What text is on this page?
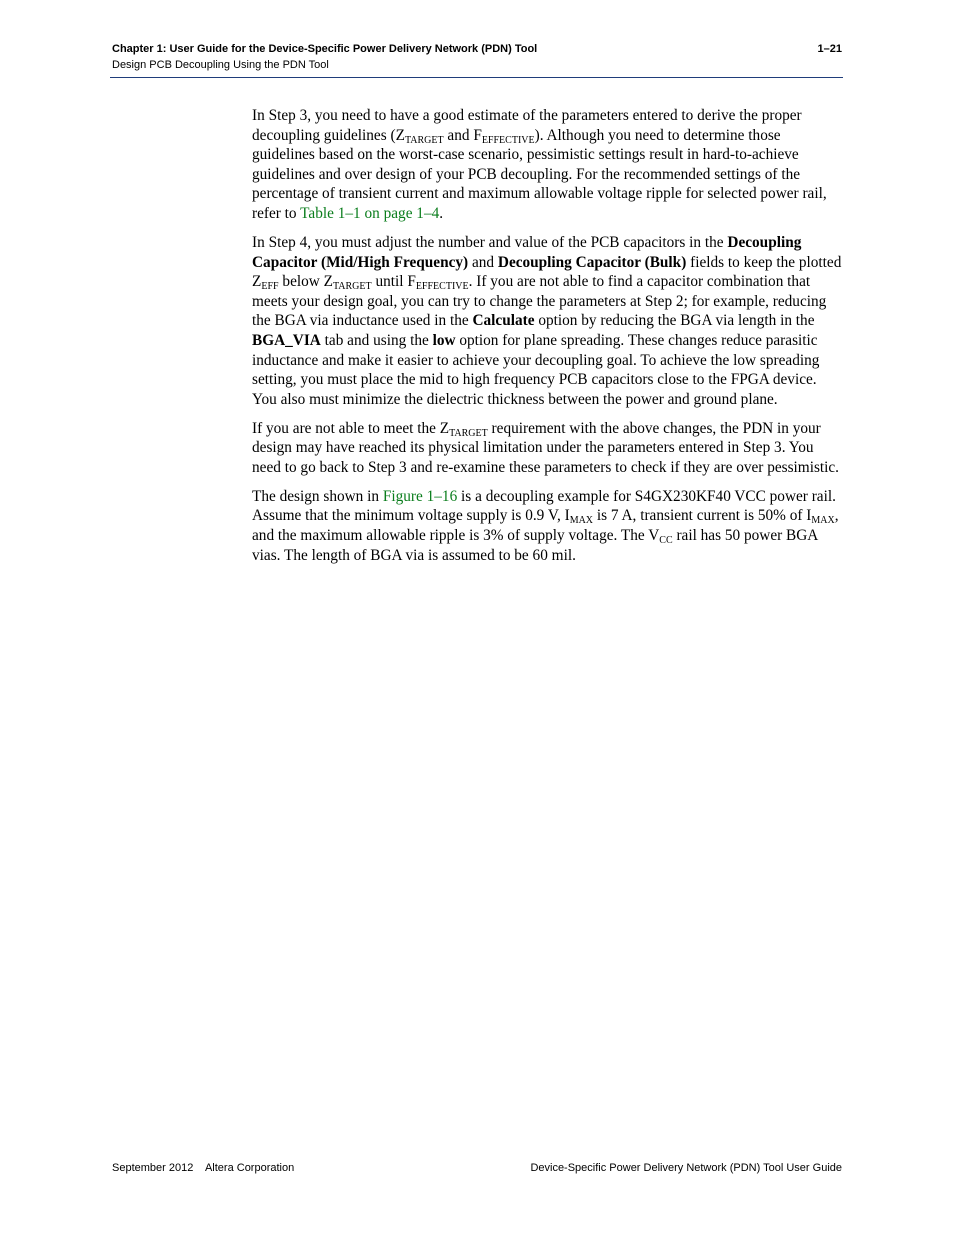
Chapter 1: User Guide for the Device-Specific Power Delivery Network (PDN) Tool	1–21
Design PCB Decoupling Using the PDN Tool

In Step 3, you need to have a good estimate of the parameters entered to derive the proper decoupling guidelines ($Z_{TARGET}$ and $F_{EFFECTIVE}$). Although you need to determine those guidelines based on the worst-case scenario, pessimistic settings result in hard-to-achieve guidelines and over design of your PCB decoupling. For the recommended settings of the percentage of transient current and maximum allowable voltage ripple for selected power rail, refer to Table 1–1 on page 1–4.

In Step 4, you must adjust the number and value of the PCB capacitors in the Decoupling Capacitor (Mid/High Frequency) and Decoupling Capacitor (Bulk) fields to keep the plotted $Z_{EFF}$ below $Z_{TARGET}$ until $F_{EFFECTIVE}$. If you are not able to find a capacitor combination that meets your design goal, you can try to change the parameters at Step 2; for example, reducing the BGA via inductance used in the Calculate option by reducing the BGA via length in the BGA_VIA tab and using the low option for plane spreading. These changes reduce parasitic inductance and make it easier to achieve your decoupling goal. To achieve the low spreading setting, you must place the mid to high frequency PCB capacitors close to the FPGA device. You also must minimize the dielectric thickness between the power and ground plane.

If you are not able to meet the $Z_{TARGET}$ requirement with the above changes, the PDN in your design may have reached its physical limitation under the parameters entered in Step 3. You need to go back to Step 3 and re-examine these parameters to check if they are over pessimistic.

The design shown in Figure 1–16 is a decoupling example for S4GX230KF40 VCC power rail. Assume that the minimum voltage supply is 0.9 V, $I_{MAX}$ is 7 A, transient current is 50% of $I_{MAX}$, and the maximum allowable ripple is 3% of supply voltage. The $V_{CC}$ rail has 50 power BGA vias. The length of BGA via is assumed to be 60 mil.

September 2012    Altera Corporation	Device-Specific Power Delivery Network (PDN) Tool User Guide
